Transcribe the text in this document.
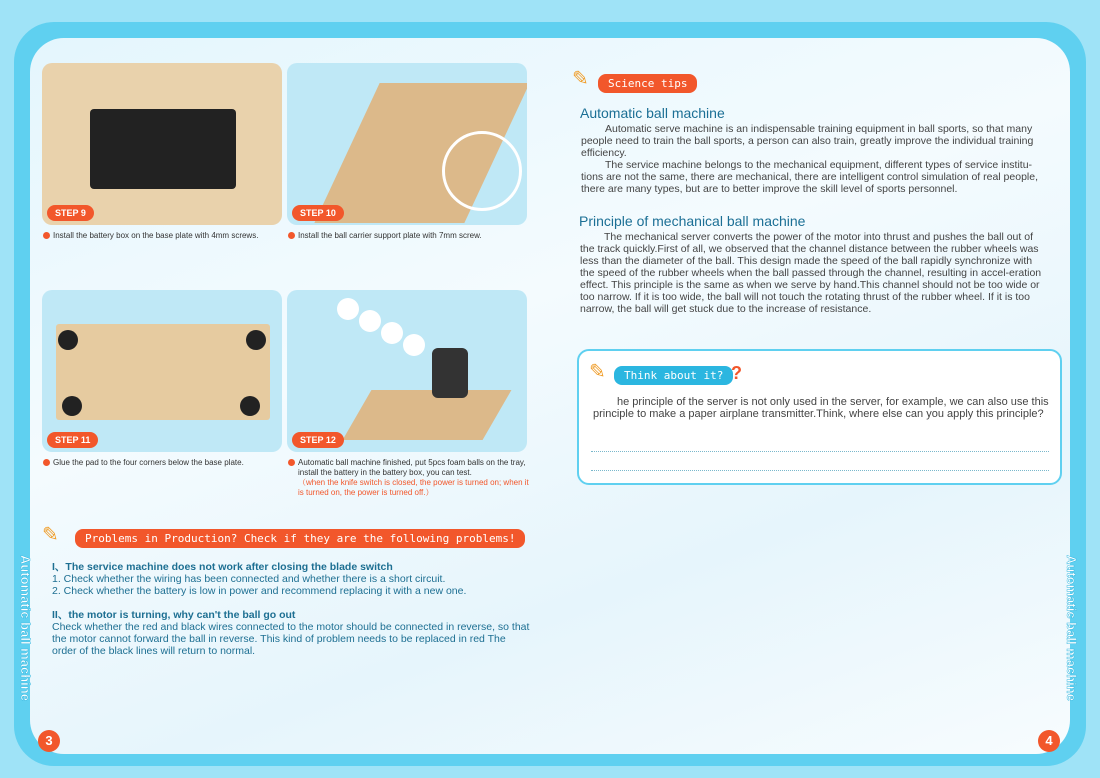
Automatic ball machine	Automatic ball machine
STEP 9	STEP 10
STEP 11	STEP 12
Install the battery box on the base plate with 4mm screws.	Install the ball carrier support plate with 7mm screw.
Glue the pad to the four corners below the base plate.	Automatic ball machine finished, put 5pcs foam balls on the tray, install the battery in the battery box, you can test.
（when the knife switch is closed, the power is turned on; when it is turned on, the power is turned off.）
✎	Problems in Production? Check if they are the following problems!
I、The service machine does not work after closing the blade switch
1. Check whether the wiring has been connected and whether there is a short circuit.
2. Check whether the battery is low in power and recommend replacing it with a new one.
II、the motor is turning, why can't the ball go out
Check whether the red and black wires connected to the motor should be connected in reverse, so that the motor cannot forward the ball in reverse. This kind of problem needs to be replaced in red The order of the black lines will return to normal.
✎	Science tips
Automatic ball machine

Automatic serve machine is an indispensable training equipment in ball sports, so that many people need to train the ball sports, a person can also train, greatly improve the individual training efficiency.

The service machine belongs to the mechanical equipment, different types of service institu-tions are not the same, there are mechanical, there are intelligent control simulation of real people, there are many types, but are to better improve the skill level of sports personnel.

Principle of mechanical ball machine

The mechanical server converts the power of the motor into thrust and pushes the ball out of the track quickly.First of all, we observed that the channel distance between the rubber wheels was less than the diameter of the ball. This design made the speed of the ball rapidly synchronize with the speed of the rubber wheels when the ball passed through the channel, resulting in accel-eration effect. This principle is the same as when we serve by hand.This channel should not be too wide or too narrow. If it is too wide, the ball will not touch the rotating thrust of the rubber wheel. If it is too narrow, the ball will get stuck due to the increase of resistance.

✎	Think about it? ?

he principle of the server is not only used in the server, for example, we can also use this principle to make a paper airplane transmitter.Think, where else can you apply this principle?

3	4
